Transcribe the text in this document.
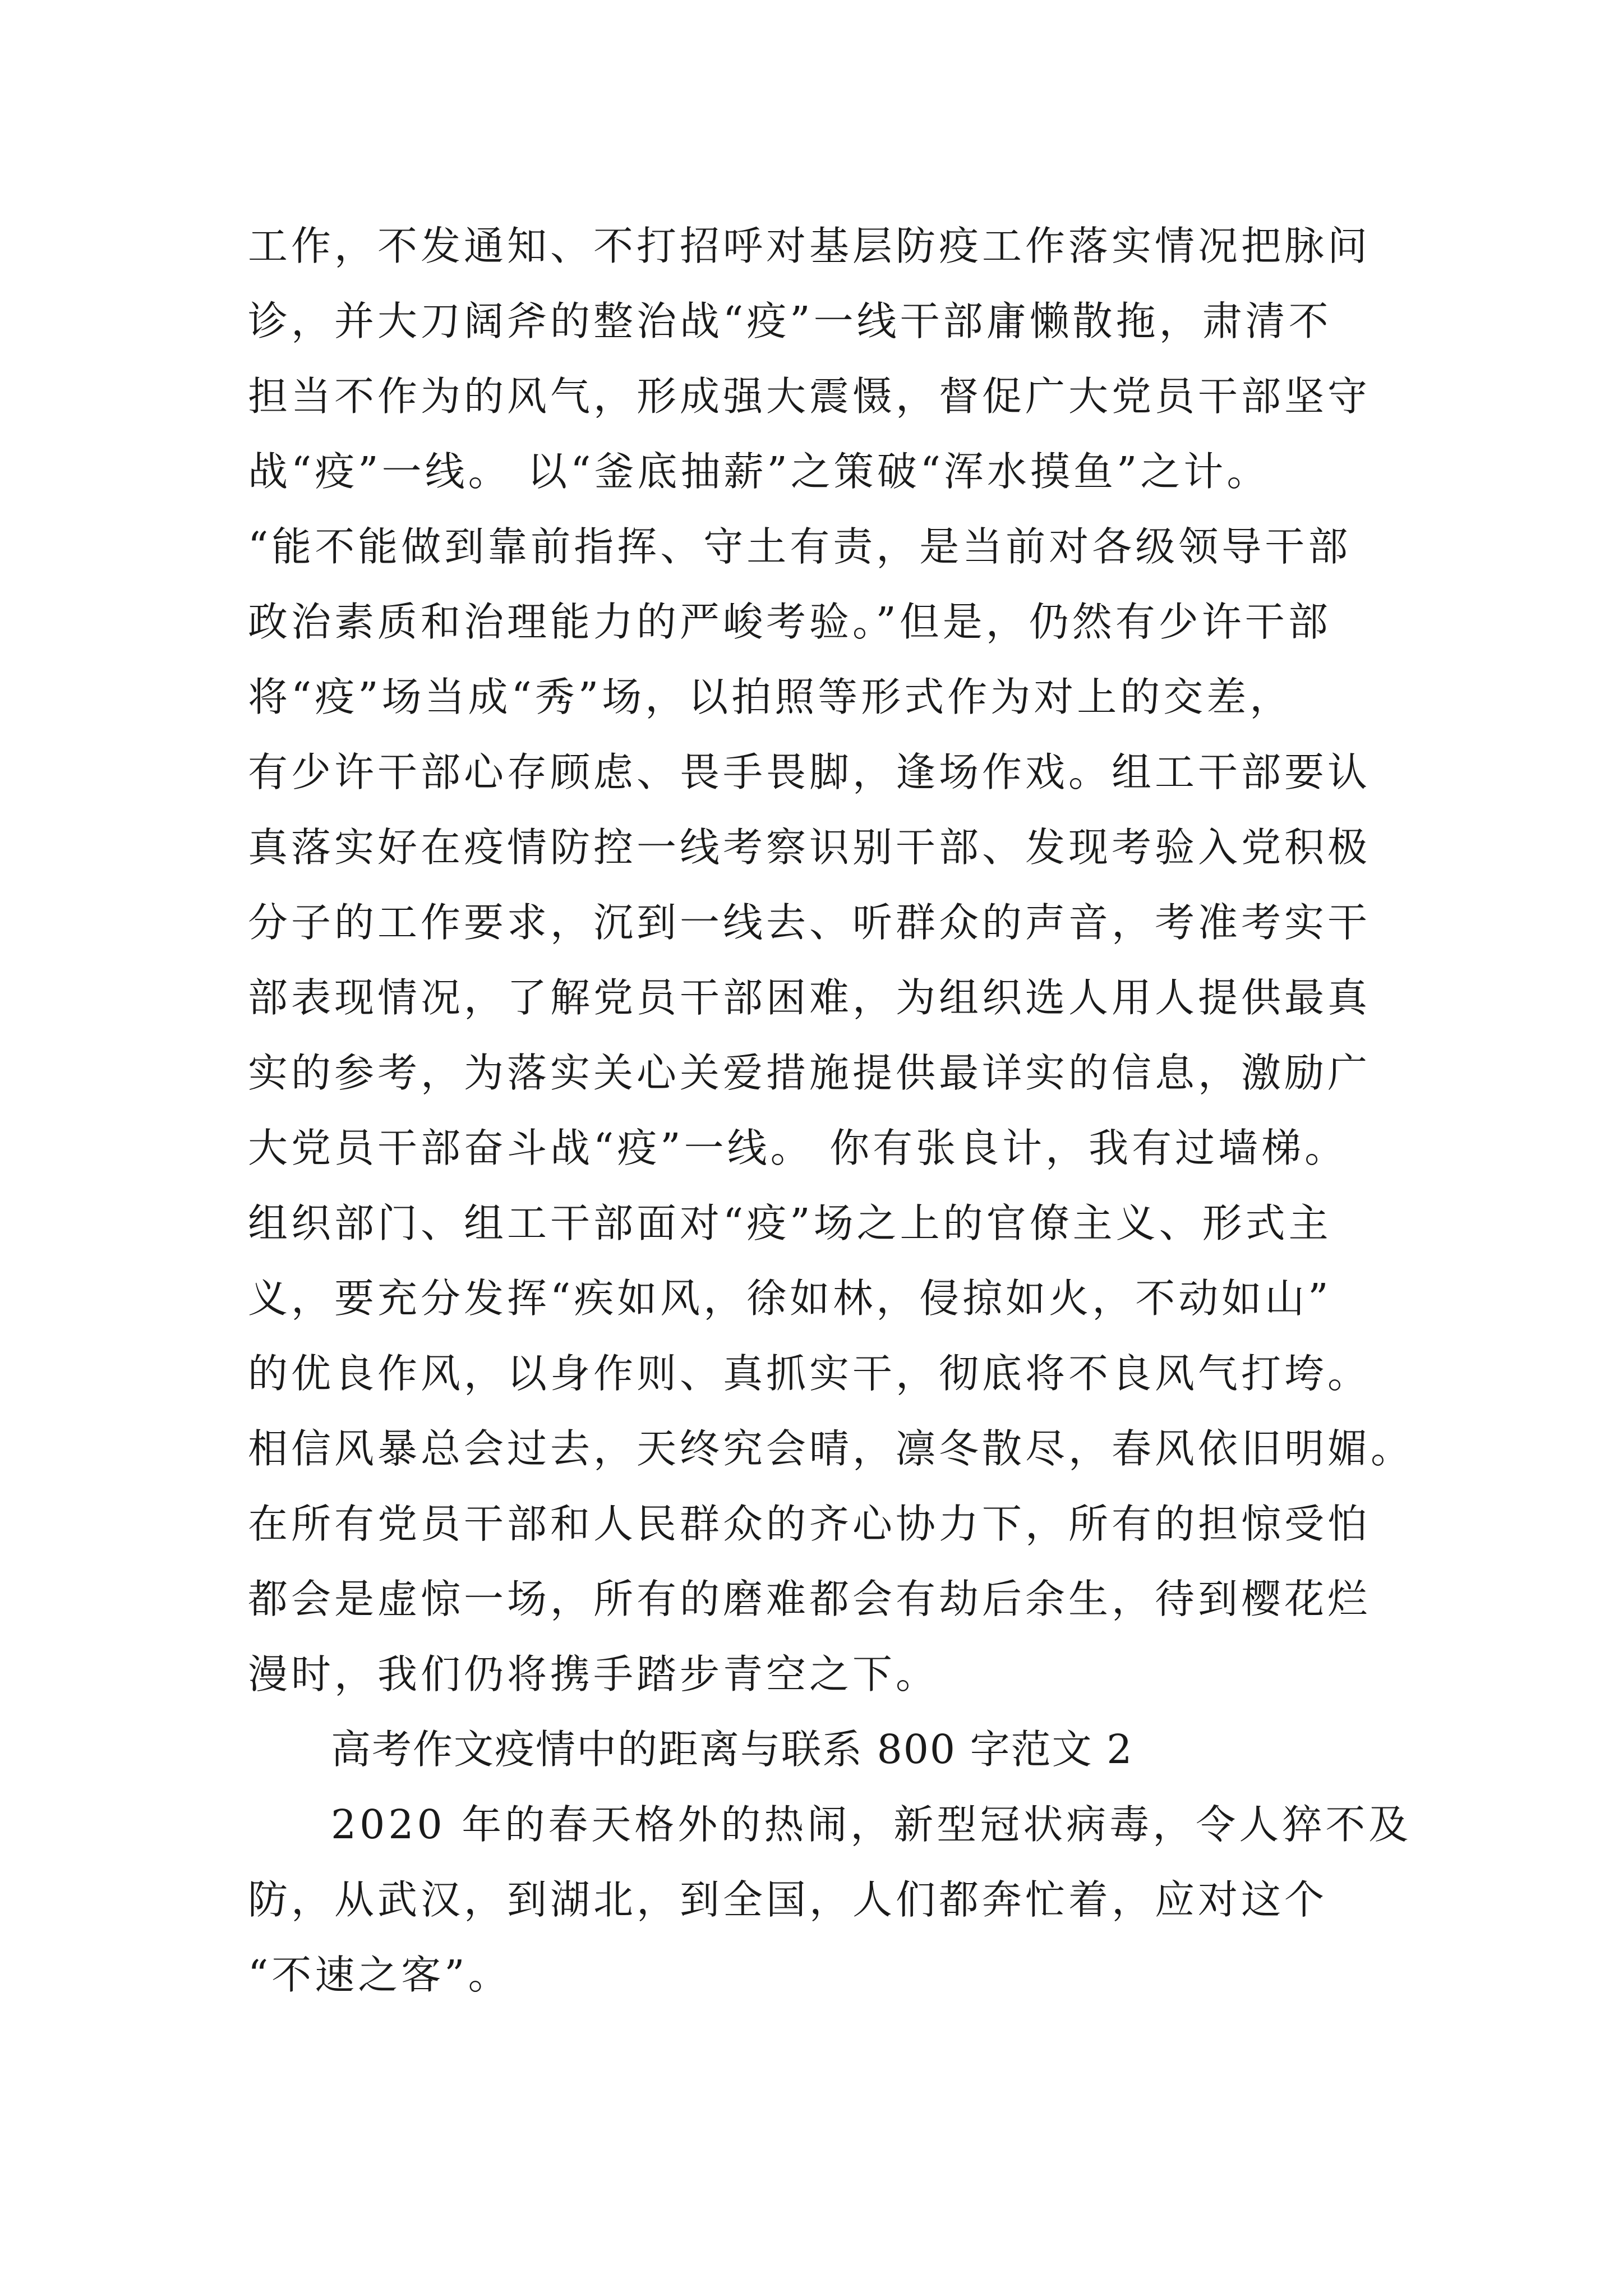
工作，不发通知、不打招呼对基层防疫工作落实情况把脉问
诊，并大刀阔斧的整治战“疫”一线干部庸懒散拖，肃清不
担当不作为的风气，形成强大震慑，督促广大党员干部坚守
战“疫”一线。 以“釜底抽薪”之策破“浑水摸鱼”之计。
“能不能做到靠前指挥、守土有责，是当前对各级领导干部
政治素质和治理能力的严峻考验。”但是，仍然有少许干部
将“疫”场当成“秀”场，以拍照等形式作为对上的交差，
有少许干部心存顾虑、畏手畏脚，逢场作戏。组工干部要认
真落实好在疫情防控一线考察识别干部、发现考验入党积极
分子的工作要求，沉到一线去、听群众的声音，考准考实干
部表现情况，了解党员干部困难，为组织选人用人提供最真
实的参考，为落实关心关爱措施提供最详实的信息，激励广
大党员干部奋斗战“疫”一线。 你有张良计，我有过墙梯。
组织部门、组工干部面对“疫”场之上的官僚主义、形式主
义，要充分发挥“疾如风，徐如林，侵掠如火，不动如山”
的优良作风，以身作则、真抓实干，彻底将不良风气打垮。
相信风暴总会过去，天终究会晴，凛冬散尽，春风依旧明媚。
在所有党员干部和人民群众的齐心协力下，所有的担惊受怕
都会是虚惊一场，所有的磨难都会有劫后余生，待到樱花烂
漫时，我们仍将携手踏步青空之下。
高考作文疫情中的距离与联系 800 字范文 2
2020 年的春天格外的热闹，新型冠状病毒，令人猝不及
防，从武汉，到湖北，到全国，人们都奔忙着，应对这个
“不速之客”。
